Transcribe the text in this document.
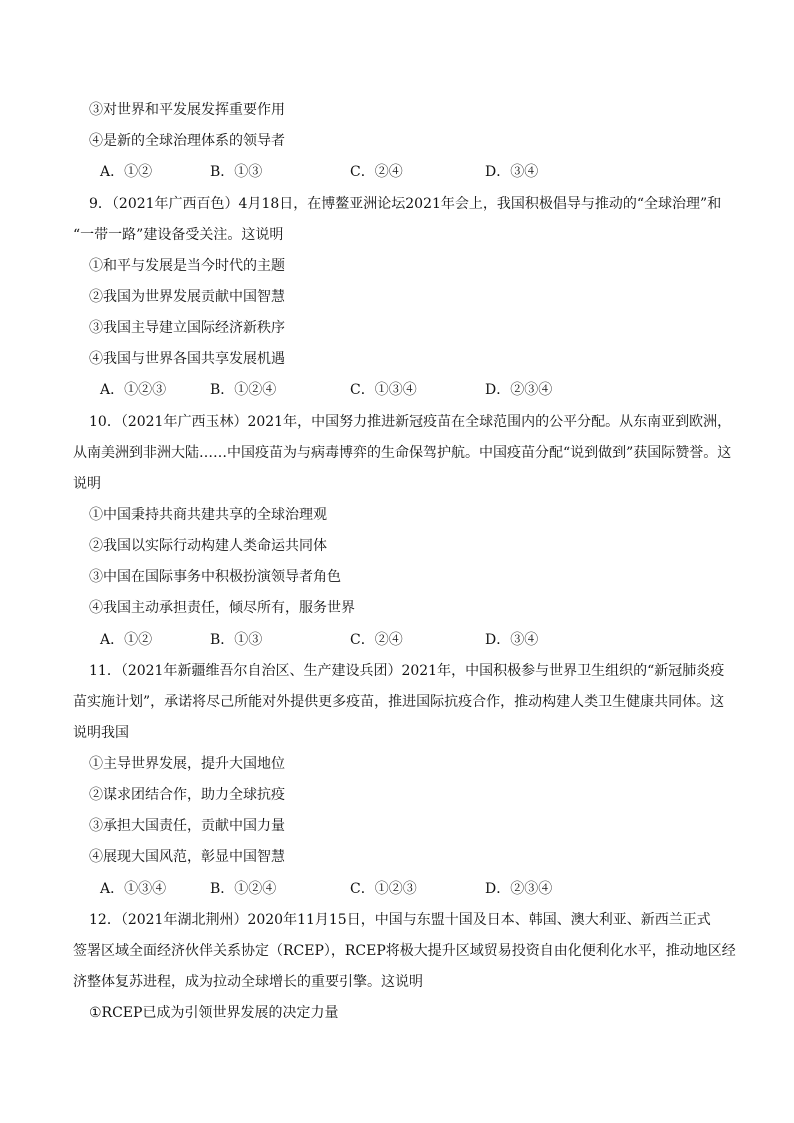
③对世界和平发展发挥重要作用

④是新的全球治理体系的领导者

A．①②	B．①③	C．②④	D．③④

9．（2021年广西百色）4月18日，在博鳌亚洲论坛2021年会上，我国积极倡导与推动的“全球治理”和

“一带一路”建设备受关注。这说明

①和平与发展是当今时代的主题

②我国为世界发展贡献中国智慧

③我国主导建立国际经济新秩序

④我国与世界各国共享发展机遇

A．①②③	B．①②④	C．①③④	D．②③④

10．（2021年广西玉林）2021年，中国努力推进新冠疫苗在全球范围内的公平分配。从东南亚到欧洲，

从南美洲到非洲大陆……中国疫苗为与病毒博弈的生命保驾护航。中国疫苗分配“说到做到”获国际赞誉。这

说明

①中国秉持共商共建共享的全球治理观

②我国以实际行动构建人类命运共同体

③中国在国际事务中积极扮演领导者角色

④我国主动承担责任，倾尽所有，服务世界

A．①②	B．①③	C．②④	D．③④

11．（2021年新疆维吾尔自治区、生产建设兵团）2021年，中国积极参与世界卫生组织的“新冠肺炎疫

苗实施计划”，承诺将尽己所能对外提供更多疫苗，推进国际抗疫合作，推动构建人类卫生健康共同体。这

说明我国

①主导世界发展，提升大国地位

②谋求团结合作，助力全球抗疫

③承担大国责任，贡献中国力量

④展现大国风范，彰显中国智慧

A．①③④	B．①②④	C．①②③	D．②③④

12．（2021年湖北荆州）2020年11月15日，中国与东盟十国及日本、韩国、澳大利亚、新西兰正式

签署区域全面经济伙伴关系协定（RCEP），RCEP将极大提升区域贸易投资自由化便利化水平，推动地区经

济整体复苏进程，成为拉动全球增长的重要引擎。这说明

①RCEP已成为引领世界发展的决定力量
